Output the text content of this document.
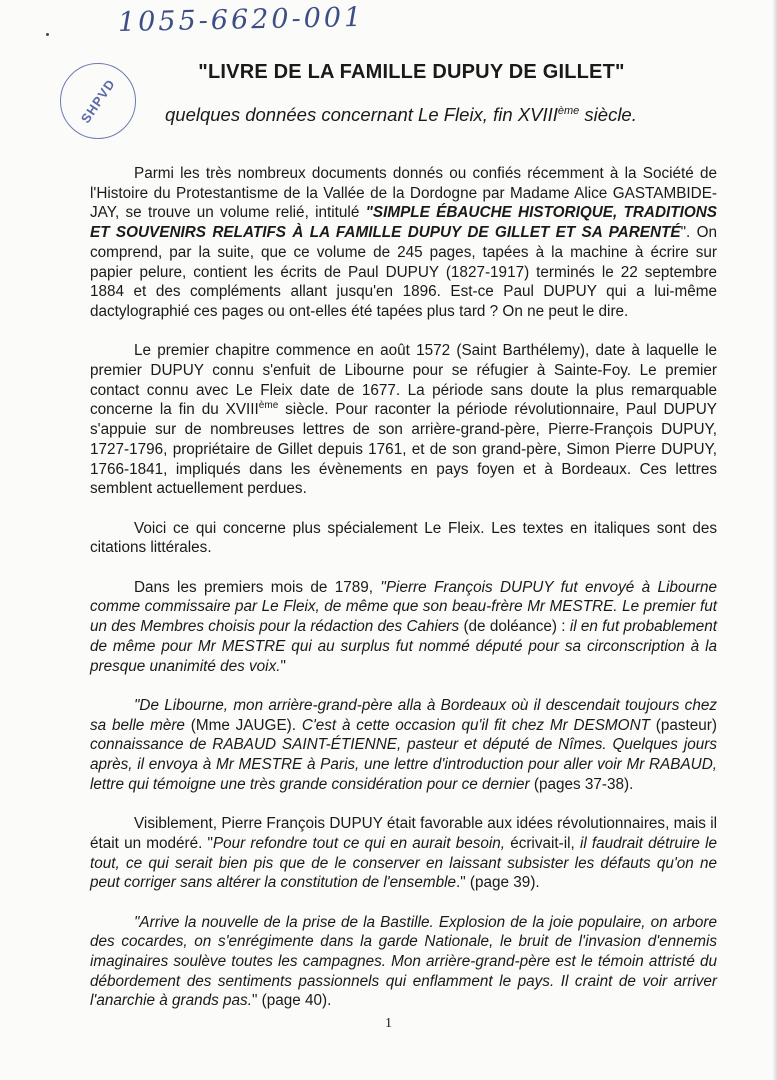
1055-6620-001
SHPVD
"LIVRE DE LA FAMILLE DUPUY DE GILLET"
quelques données concernant Le Fleix, fin XVIIIème siècle.

Parmi les très nombreux documents donnés ou confiés récemment à la Société de l'Histoire du Protestantisme de la Vallée de la Dordogne par Madame Alice GASTAMBIDE-JAY, se trouve un volume relié, intitulé "SIMPLE ÉBAUCHE HISTORIQUE, TRADITIONS ET SOUVENIRS RELATIFS À LA FAMILLE DUPUY DE GILLET ET SA PARENTÉ". On comprend, par la suite, que ce volume de 245 pages, tapées à la machine à écrire sur papier pelure, contient les écrits de Paul DUPUY (1827-1917) terminés le 22 septembre 1884 et des compléments allant jusqu'en 1896. Est-ce Paul DUPUY qui a lui-même dactylographié ces pages ou ont-elles été tapées plus tard ? On ne peut le dire.

Le premier chapitre commence en août 1572 (Saint Barthélemy), date à laquelle le premier DUPUY connu s'enfuit de Libourne pour se réfugier à Sainte-Foy. Le premier contact connu avec Le Fleix date de 1677. La période sans doute la plus remarquable concerne la fin du XVIIIème siècle. Pour raconter la période révolutionnaire, Paul DUPUY s'appuie sur de nombreuses lettres de son arrière-grand-père, Pierre-François DUPUY, 1727-1796, propriétaire de Gillet depuis 1761, et de son grand-père, Simon Pierre DUPUY, 1766-1841, impliqués dans les évènements en pays foyen et à Bordeaux. Ces lettres semblent actuellement perdues.

Voici ce qui concerne plus spécialement Le Fleix. Les textes en italiques sont des citations littérales.

Dans les premiers mois de 1789, "Pierre François DUPUY fut envoyé à Libourne comme commissaire par Le Fleix, de même que son beau-frère Mr MESTRE. Le premier fut un des Membres choisis pour la rédaction des Cahiers (de doléance) : il en fut probablement de même pour Mr MESTRE qui au surplus fut nommé député pour sa circonscription à la presque unanimité des voix."

"De Libourne, mon arrière-grand-père alla à Bordeaux où il descendait toujours chez sa belle mère (Mme JAUGE). C'est à cette occasion qu'il fit chez Mr DESMONT (pasteur) connaissance de RABAUD SAINT-ÉTIENNE, pasteur et député de Nîmes. Quelques jours après, il envoya à Mr MESTRE à Paris, une lettre d'introduction pour aller voir Mr RABAUD, lettre qui témoigne une très grande considération pour ce dernier (pages 37-38).

Visiblement, Pierre François DUPUY était favorable aux idées révolutionnaires, mais il était un modéré. "Pour refondre tout ce qui en aurait besoin, écrivait-il, il faudrait détruire le tout, ce qui serait bien pis que de le conserver en laissant subsister les défauts qu'on ne peut corriger sans altérer la constitution de l'ensemble." (page 39).

"Arrive la nouvelle de la prise de la Bastille. Explosion de la joie populaire, on arbore des cocardes, on s'enrégimente dans la garde Nationale, le bruit de l'invasion d'ennemis imaginaires soulève toutes les campagnes. Mon arrière-grand-père est le témoin attristé du débordement des sentiments passionnels qui enflamment le pays. Il craint de voir arriver l'anarchie à grands pas." (page 40).

1
